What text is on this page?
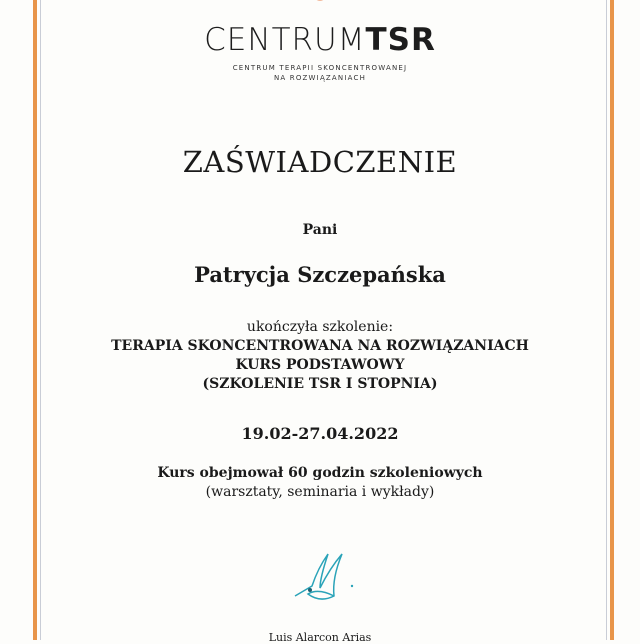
CENTRUMTSR
CENTRUM TERAPII SKONCENTROWANEJ
NA ROZWIĄZANIACH
ZAŚWIADCZENIE
Pani
Patrycja Szczepańska
ukończyła szkolenie:
TERAPIA SKONCENTROWANA NA ROZWIĄZANIACH
KURS PODSTAWOWY
(SZKOLENIE TSR I STOPNIA)
19.02-27.04.2022
Kurs obejmował 60 godzin szkoleniowych
(warsztaty, seminaria i wykłady)
Luis Alarcon Arias
